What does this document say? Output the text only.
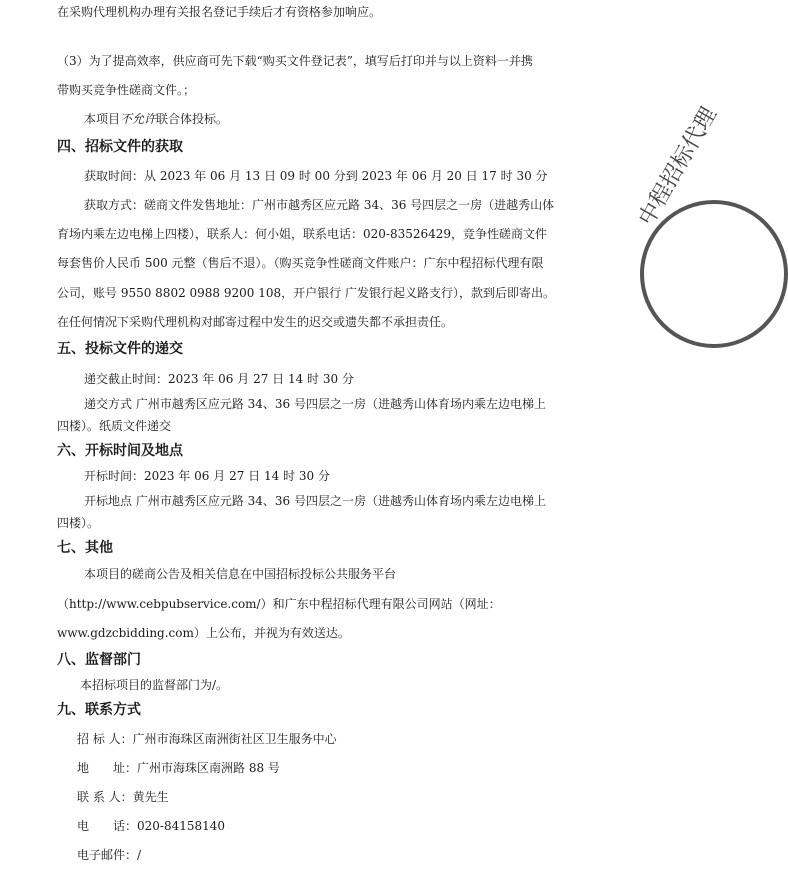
在采购代理机构办理有关报名登记手续后才有资格参加响应。
（3）为了提高效率，供应商可先下载“购买文件登记表”，填写后打印并与以上资料一并携
带购买竞争性磋商文件。；
本项目不允许联合体投标。
四、招标文件的获取
获取时间：从 2023 年 06 月 13 日 09 时 00 分到 2023 年 06 月 20 日 17 时 30 分
获取方式：磋商文件发售地址：广州市越秀区应元路 34、36 号四层之一房（进越秀山体
育场内乘左边电梯上四楼），联系人：何小姐，联系电话：020-83526429，竞争性磋商文件
每套售价人民币 500 元整（售后不退）。（购买竞争性磋商文件账户：广东中程招标代理有限
公司，账号 9550 8802 0988 9200 108，开户银行 广发银行起义路支行），款到后即寄出。
在任何情况下采购代理机构对邮寄过程中发生的迟交或遗失都不承担责任。
五、投标文件的递交
递交截止时间：2023 年 06 月 27 日 14 时 30 分
递交方式 广州市越秀区应元路 34、36 号四层之一房（进越秀山体育场内乘左边电梯上
四楼）。纸质文件递交
六、开标时间及地点
开标时间：2023 年 06 月 27 日 14 时 30 分
开标地点 广州市越秀区应元路 34、36 号四层之一房（进越秀山体育场内乘左边电梯上
四楼）。
七、其他
本项目的磋商公告及相关信息在中国招标投标公共服务平台
（http://www.cebpubservice.com/）和广东中程招标代理有限公司网站（网址：
www.gdzcbidding.com）上公布，并视为有效送达。
八、监督部门
本招标项目的监督部门为/。
九、联系方式
招 标 人：广州市海珠区南洲街社区卫生服务中心
地　　址：广州市海珠区南洲路 88 号
联 系 人：黄先生
电　　话：020-84158140
电子邮件：/
中程招标代理
